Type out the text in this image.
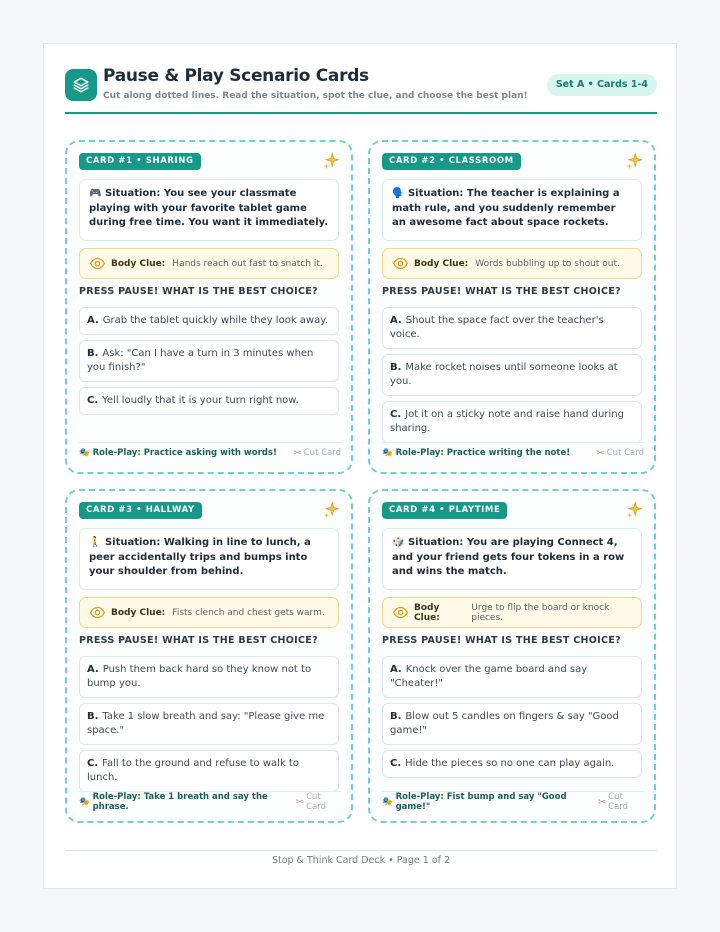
Pause & Play Scenario Cards
Cut along dotted lines. Read the situation, spot the clue, and choose the best plan!
Set A • Cards 1-4
CARD #1 • SHARING
🎮 Situation: You see your classmate playing with your favorite tablet game during free time. You want it immediately.
Body Clue: Hands reach out fast to snatch it.
PRESS PAUSE! WHAT IS THE BEST CHOICE?
A. Grab the tablet quickly while they look away.
B. Ask: "Can I have a turn in 3 minutes when you finish?"
C. Yell loudly that it is your turn right now.
🎭 Role-Play: Practice asking with words! ✂ Cut Card
CARD #2 • CLASSROOM
🗣️ Situation: The teacher is explaining a math rule, and you suddenly remember an awesome fact about space rockets.
Body Clue: Words bubbling up to shout out.
PRESS PAUSE! WHAT IS THE BEST CHOICE?
A. Shout the space fact over the teacher's voice.
B. Make rocket noises until someone looks at you.
C. Jot it on a sticky note and raise hand during sharing.
🎭 Role-Play: Practice writing the note!	✂ Cut Card
CARD #3 • HALLWAY
🚶 Situation: Walking in line to lunch, a peer accidentally trips and bumps into your shoulder from behind.
Body Clue: Fists clench and chest gets warm.
PRESS PAUSE! WHAT IS THE BEST CHOICE?
A. Push them back hard so they know not to bump you.
B. Take 1 slow breath and say: "Please give me space."
C. Fall to the ground and refuse to walk to lunch.
🎭 Role-Play: Take 1 breath and say the phrase.	✂ Cut Card
CARD #4 • PLAYTIME
🎲 Situation: You are playing Connect 4, and your friend gets four tokens in a row and wins the match.
Body Clue:
Urge to flip the board or knock pieces.
PRESS PAUSE! WHAT IS THE BEST CHOICE?
A. Knock over the game board and say "Cheater!"
B. Blow out 5 candles on fingers & say "Good game!"
C. Hide the pieces so no one can play again.
🎭 Role-Play: Fist bump and say "Good game!"	✂ Cut Card
Stop & Think Card Deck • Page 1 of 2
